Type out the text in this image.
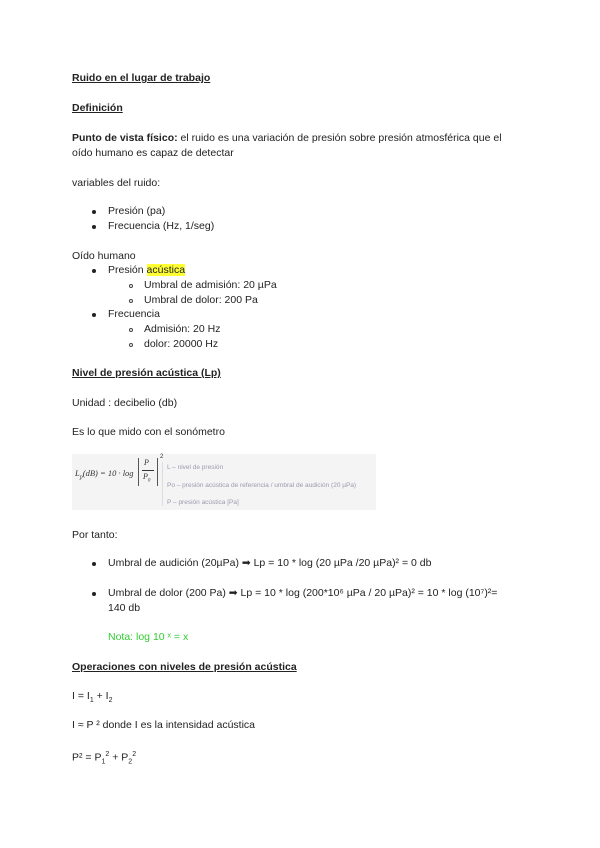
Ruido en el lugar de trabajo
Definición
Punto de vista físico: el ruido es una variación de presión sobre presión atmosférica que el
oído humano es capaz de detectar
variables del ruido:
Presión (pa)
Frecuencia (Hz, 1/seg)
Oído humano
Presión acústica
Umbral de admisión: 20 µPa
Umbral de dolor: 200 Pa
Frecuencia
Admisión: 20 Hz
dolor: 20000 Hz
Nivel de presión acústica (Lp)
Unidad : decibelio (db)
Es lo que mido con el sonómetro
$L_p(dB) = 10 \cdot \log$
P
$P_0$
2
L – nivel de presión
Po – presión acústica de referencia / umbral de audición (20 µPa)
P – presión acústica [Pa]
Por tanto:
Umbral de audición (20µPa) ➡ Lp = 10 * log (20 µPa /20 µPa)² = 0 db
Umbral de dolor (200 Pa) ➡ Lp = 10 * log (200*10⁶ µPa / 20 µPa)² = 10 * log (10⁷)²=
140 db
Nota: log 10 ˣ = x
Operaciones con niveles de presión acústica
$I = I_1 + I_2$
I ≈ P ² donde I es la intensidad acústica
$P^2 = P_1^2 + P_2^2$
